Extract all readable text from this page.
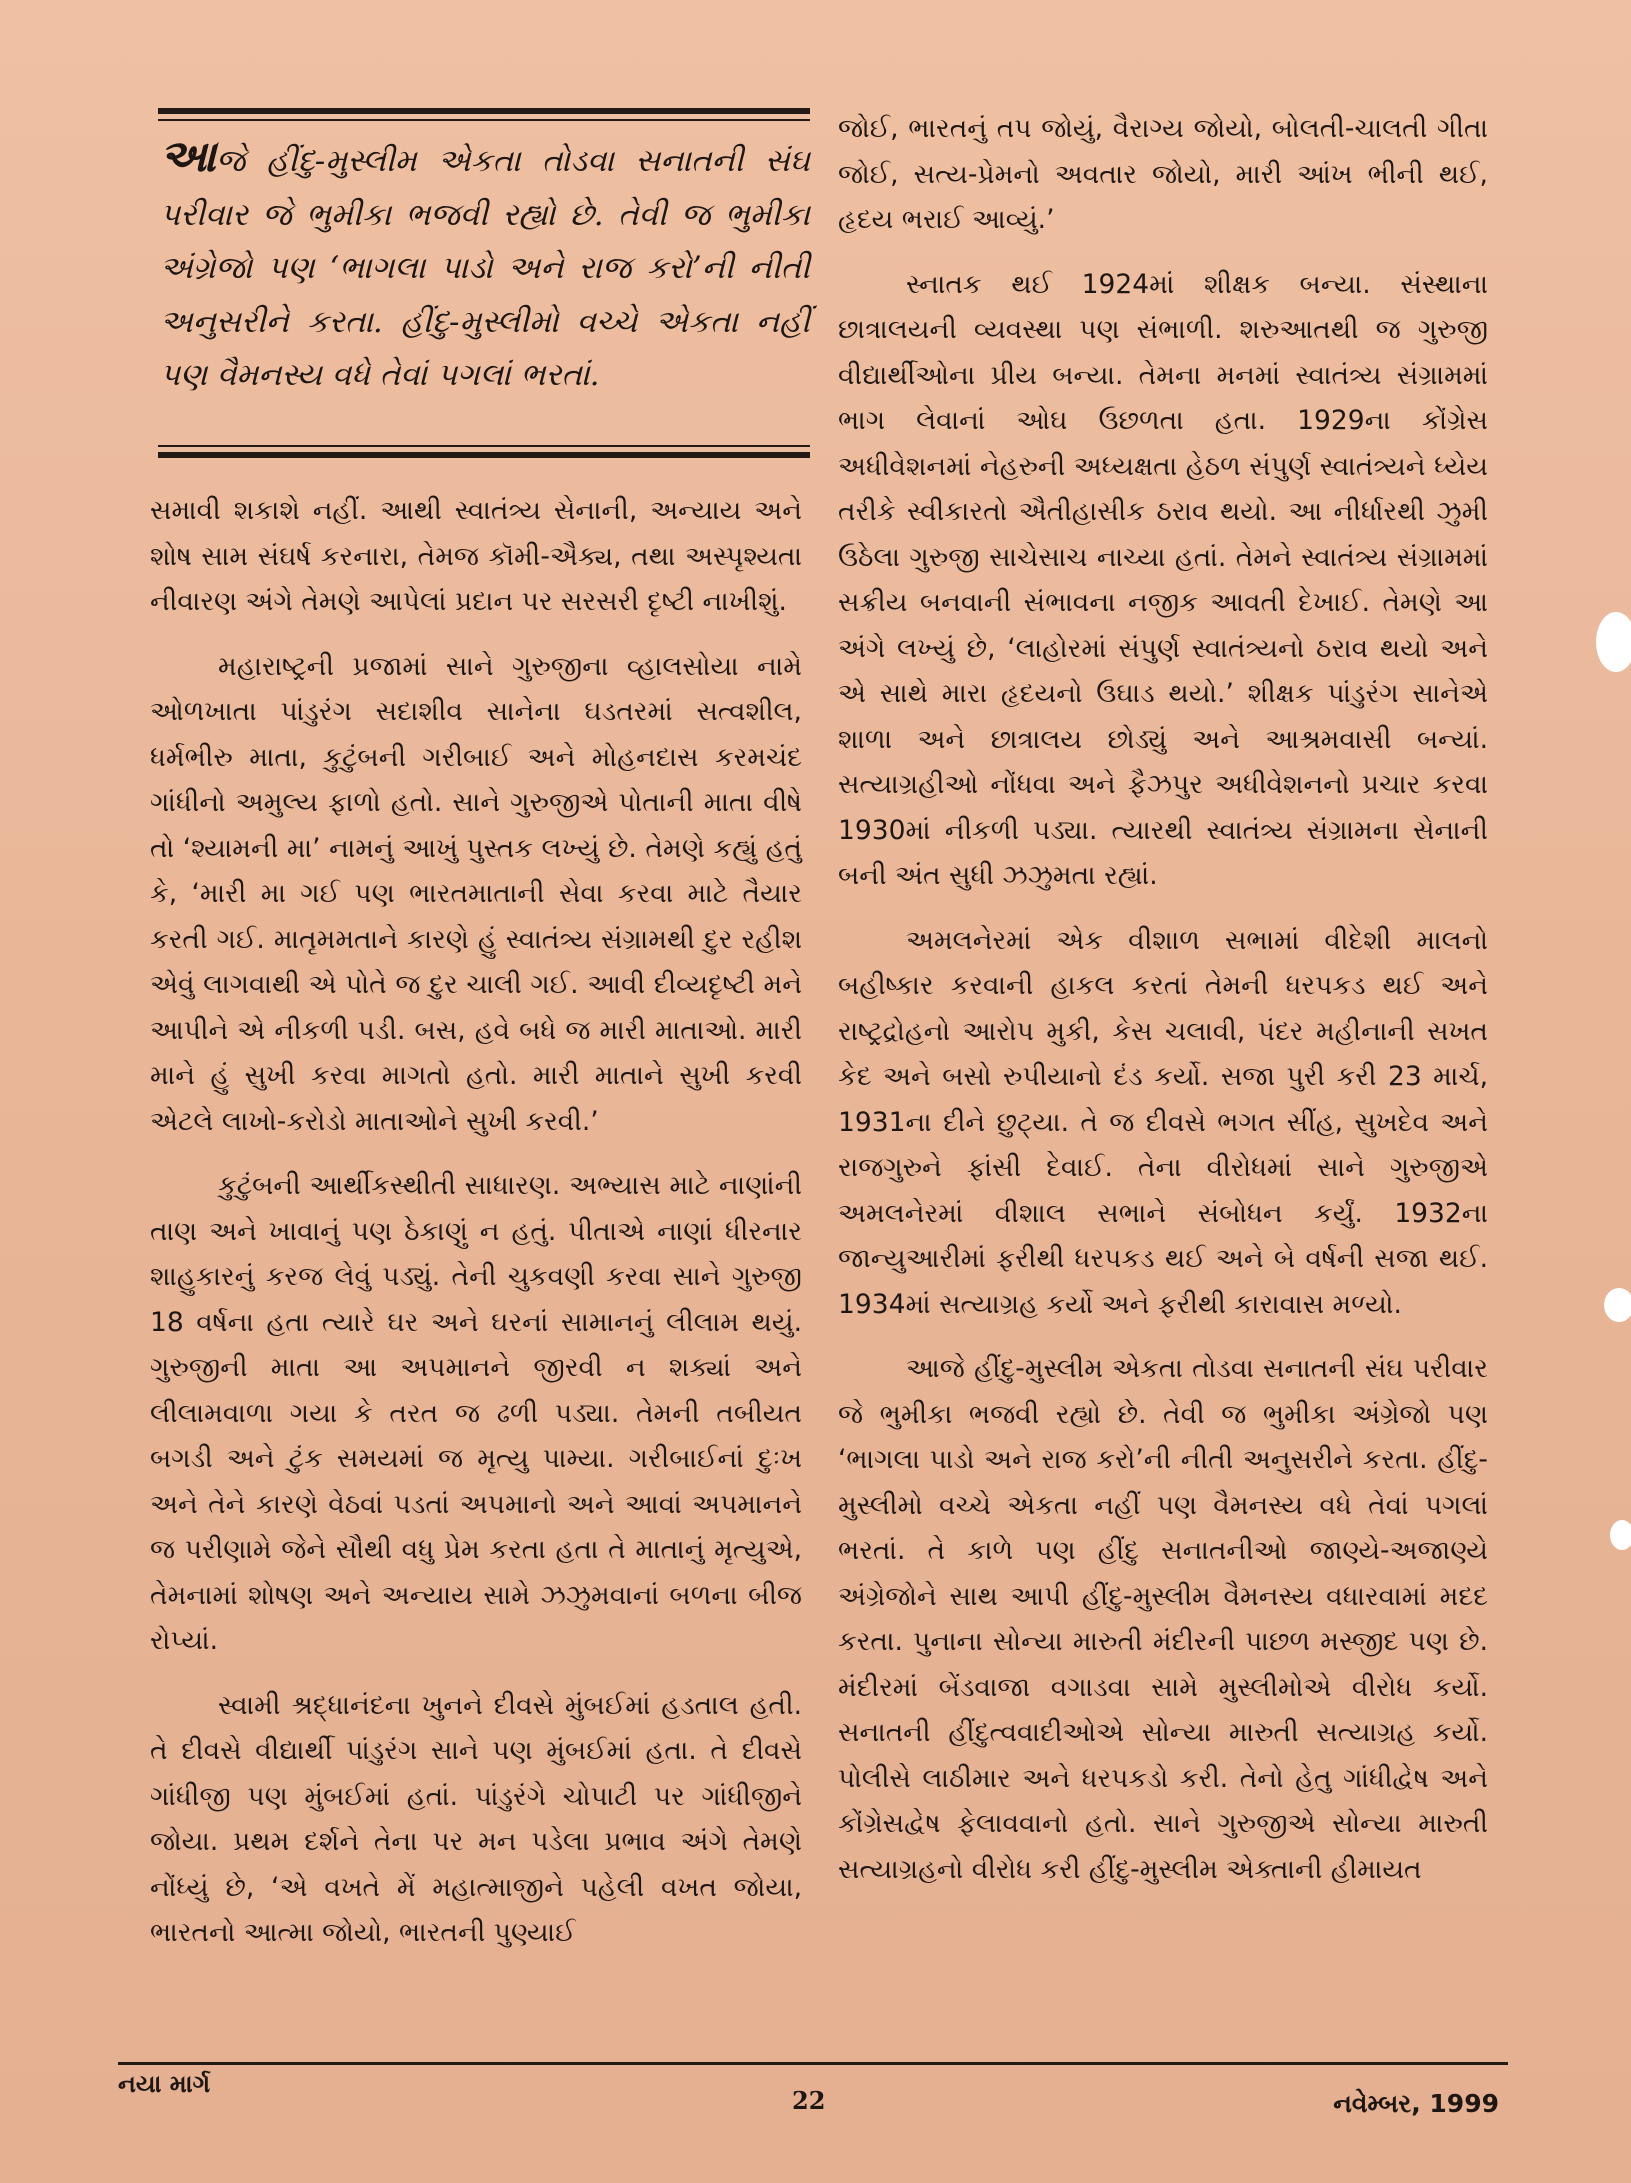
આજે હીંદુ-મુસ્લીમ એકતા તોડવા સનાતની સંઘ પરીવાર જે ભુમીકા ભજવી રહ્યો છે. તેવી જ ભુમીકા અંગ્રેજો પણ ‘ભાગલા પાડો અને રાજ કરો’ની નીતી અનુસરીને કરતા. હીંદુ-મુસ્લીમો વચ્ચે એકતા નહીં પણ વૈમનસ્ય વધે તેવાં પગલાં ભરતાં.

સમાવી શકાશે નહીં. આથી સ્વાતંત્ર્ય સેનાની, અન્યાય અને શોષ સામ સંઘર્ષ કરનારા, તેમજ કૉમી-ઐક્ય, તથા અસ્પૃશ્યતા નીવારણ અંગે તેમણે આપેલાં પ્રદાન પર સરસરી દૃષ્ટી નાખીશું.

મહારાષ્ટ્રની પ્રજામાં સાને ગુરુજીના વ્હાલસોયા નામે ઓળખાતા પાંડુરંગ સદાશીવ સાનેના ઘડતરમાં સત્વશીલ, ધર્મભીરુ માતા, કુટુંબની ગરીબાઈ અને મોહનદાસ કરમચંદ ગાંધીનો અમુલ્ય ફાળો હતો. સાને ગુરુજીએ પોતાની માતા વીષે તો ‘શ્યામની મા’ નામનું આખું પુસ્તક લખ્યું છે. તેમણે કહ્યું હતું કે, ‘મારી મા ગઈ પણ ભારતમાતાની સેવા કરવા માટે તૈયાર કરતી ગઈ. માતૃમમતાને કારણે હું સ્વાતંત્ર્ય સંગ્રામથી દુર રહીશ એવું લાગવાથી એ પોતે જ દુર ચાલી ગઈ. આવી દીવ્યદૃષ્ટી મને આપીને એ નીકળી પડી. બસ, હવે બધે જ મારી માતાઓ. મારી માને હું સુખી કરવા માગતો હતો. મારી માતાને સુખી કરવી એટલે લાખો-કરોડો માતાઓને સુખી કરવી.’

કુટુંબની આર્થીકસ્થીતી સાધારણ. અભ્યાસ માટે નાણાંની તાણ અને ખાવાનું પણ ઠેકાણું ન હતું. પીતાએ નાણાં ધીરનાર શાહુકારનું કરજ લેવું પડ્યું. તેની ચુકવણી કરવા સાને ગુરુજી 18 વર્ષના હતા ત્યારે ઘર અને ઘરનાં સામાનનું લીલામ થયું. ગુરુજીની માતા આ અપમાનને જીરવી ન શક્યાં અને લીલામવાળા ગયા કે તરત જ ઢળી પડ્યા. તેમની તબીયત બગડી અને ટુંક સમયમાં જ મૃત્યુ પામ્યા. ગરીબાઈનાં દુઃખ અને તેને કારણે વેઠવાં પડતાં અપમાનો અને આવાં અપમાનને જ પરીણામે જેને સૌથી વધુ પ્રેમ કરતા હતા તે માતાનું મૃત્યુએ, તેમનામાં શોષણ અને અન્યાય સામે ઝઝુમવાનાં બળના બીજ રોપ્યાં.

સ્વામી શ્રદ્ધાનંદના ખુનને દીવસે મુંબઈમાં હડતાલ હતી. તે દીવસે વીદ્યાર્થી પાંડુરંગ સાને પણ મુંબઈમાં હતા. તે દીવસે ગાંધીજી પણ મુંબઈમાં હતાં. પાંડુરંગે ચોપાટી પર ગાંધીજીને જોયા. પ્રથમ દર્શને તેના પર મન પડેલા પ્રભાવ અંગે તેમણે નોંધ્યું છે, ‘એ વખતે મેં મહાત્માજીને પહેલી વખત જોયા, ભારતનો આત્મા જોયો, ભારતની પુણ્યાઈ

જોઈ, ભારતનું તપ જોયું, વૈરાગ્ય જોયો, બોલતી-ચાલતી ગીતા જોઈ, સત્ય-પ્રેમનો અવતાર જોયો, મારી આંખ ભીની થઈ, હૃદય ભરાઈ આવ્યું.’

સ્નાતક થઈ 1924માં શીક્ષક બન્યા. સંસ્થાના છાત્રાલયની વ્યવસ્થા પણ સંભાળી. શરુઆતથી જ ગુરુજી વીદ્યાર્થીઓના પ્રીય બન્યા. તેમના મનમાં સ્વાતંત્ર્ય સંગ્રામમાં ભાગ લેવાનાં ઓઘ ઉછળતા હતા. 1929ના કોંગ્રેસ અધીવેશનમાં નેહરુની અધ્યક્ષતા હેઠળ સંપુર્ણ સ્વાતંત્ર્યને ધ્યેય તરીકે સ્વીકારતો ઐતીહાસીક ઠરાવ થયો. આ નીર્ધારથી ઝુમી ઉઠેલા ગુરુજી સાચેસાચ નાચ્યા હતાં. તેમને સ્વાતંત્ર્ય સંગ્રામમાં સક્રીય બનવાની સંભાવના નજીક આવતી દેખાઈ. તેમણે આ અંગે લખ્યું છે, ‘લાહોરમાં સંપુર્ણ સ્વાતંત્ર્યનો ઠરાવ થયો અને એ સાથે મારા હૃદયનો ઉઘાડ થયો.’ શીક્ષક પાંડુરંગ સાનેએ શાળા અને છાત્રાલય છોડ્યું અને આશ્રમવાસી બન્યાં. સત્યાગ્રહીઓ નોંધવા અને ફૈઝપુર અધીવેશનનો પ્રચાર કરવા 1930માં નીકળી પડ્યા. ત્યારથી સ્વાતંત્ર્ય સંગ્રામના સેનાની બની અંત સુધી ઝઝુમતા રહ્યાં.

અમલનેરમાં એક વીશાળ સભામાં વીદેશી માલનો બહીષ્કાર કરવાની હાકલ કરતાં તેમની ધરપકડ થઈ અને રાષ્ટ્રદ્રોહનો આરોપ મુકી, કેસ ચલાવી, પંદર મહીનાની સખત કેદ અને બસો રુપીયાનો દંડ કર્યો. સજા પુરી કરી 23 માર્ચ, 1931ના દીને છુટ્યા. તે જ દીવસે ભગત સીંહ, સુખદેવ અને રાજગુરુને ફાંસી દેવાઈ. તેના વીરોધમાં સાને ગુરુજીએ અમલનેરમાં વીશાલ સભાને સંબોધન કર્યું. 1932ના જાન્યુઆરીમાં ફરીથી ધરપકડ થઈ અને બે વર્ષની સજા થઈ. 1934માં સત્યાગ્રહ કર્યો અને ફરીથી કારાવાસ મળ્યો.

આજે હીંદુ-મુસ્લીમ એકતા તોડવા સનાતની સંઘ પરીવાર જે ભુમીકા ભજવી રહ્યો છે. તેવી જ ભુમીકા અંગ્રેજો પણ ‘ભાગલા પાડો અને રાજ કરો’ની નીતી અનુસરીને કરતા. હીંદુ-મુસ્લીમો વચ્ચે એકતા નહીં પણ વૈમનસ્ય વધે તેવાં પગલાં ભરતાં. તે કાળે પણ હીંદુ સનાતનીઓ જાણ્યે-અજાણ્યે અંગ્રેજોને સાથ આપી હીંદુ-મુસ્લીમ વૈમનસ્ય વધારવામાં મદદ કરતા. પુનાના સોન્યા મારુતી મંદીરની પાછળ મસ્જીદ પણ છે. મંદીરમાં બેંડવાજા વગાડવા સામે મુસ્લીમોએ વીરોધ કર્યો. સનાતની હીંદુત્વવાદીઓએ સોન્યા મારુતી સત્યાગ્રહ કર્યો. પોલીસે લાઠીમાર અને ધરપકડો કરી. તેનો હેતુ ગાંધીદ્વેષ અને કોંગ્રેસદ્વેષ ફેલાવવાનો હતો. સાને ગુરુજીએ સોન્યા મારુતી સત્યાગ્રહનો વીરોધ કરી હીંદુ-મુસ્લીમ એક્તાની હીમાયત

નયા માર્ગ
22	નવેમ્બર, 1999
